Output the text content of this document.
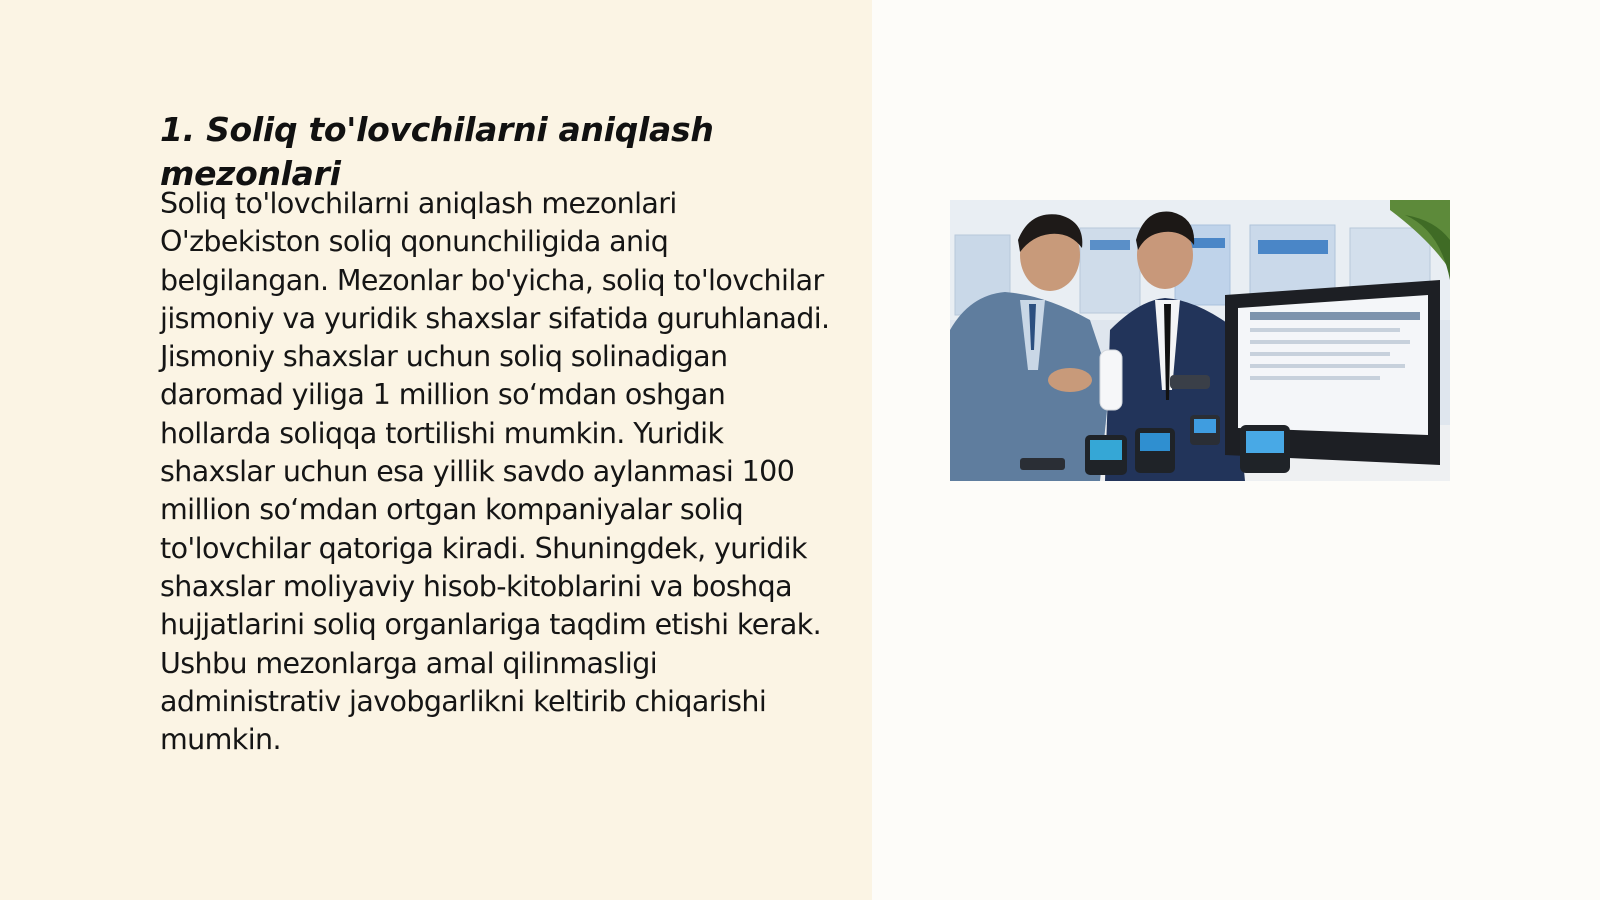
1. Soliq to'lovchilarni aniqlash mezonlari

Soliq to'lovchilarni aniqlash mezonlari O'zbekiston soliq qonunchiligida aniq belgilangan. Mezonlar bo'yicha, soliq to'lovchilar jismoniy va yuridik shaxslar sifatida guruhlanadi. Jismoniy shaxslar uchun soliq solinadigan daromad yiliga 1 million so‘mdan oshgan hollarda soliqqa tortilishi mumkin. Yuridik shaxslar uchun esa yillik savdo aylanmasi 100 million so‘mdan ortgan kompaniyalar soliq to'lovchilar qatoriga kiradi. Shuningdek, yuridik shaxslar moliyaviy hisob-kitoblarini va boshqa hujjatlarini soliq organlariga taqdim etishi kerak. Ushbu mezonlarga amal qilinmasligi administrativ javobgarlikni keltirib chiqarishi mumkin.
